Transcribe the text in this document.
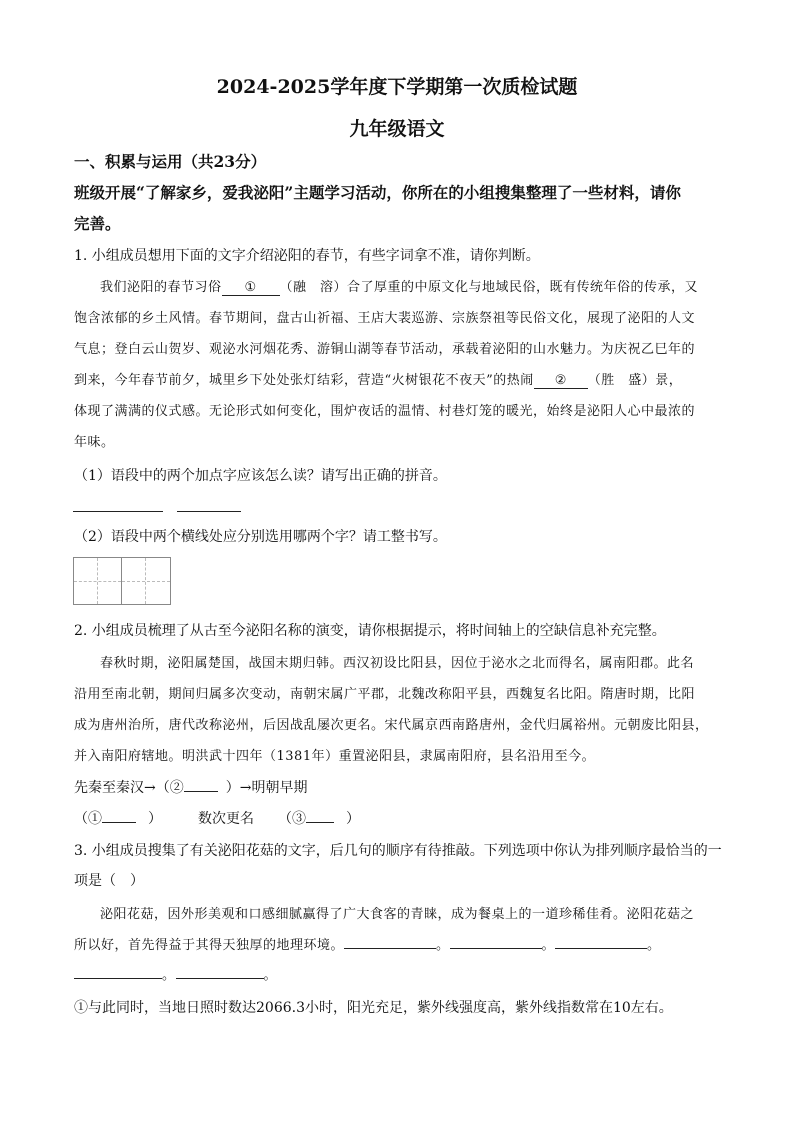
2024-2025学年度下学期第一次质检试题
九年级语文
一、积累与运用（共23分）
班级开展“了解家乡，爱我泌阳”主题学习活动，你所在的小组搜集整理了一些材料，请你
完善。
1. 小组成员想用下面的文字介绍泌阳的春节，有些字词拿不准，请你判断。
我们泌阳的春节习俗 ① （融　溶）合了厚重的中原文化与地域民俗，既有传统年俗的传承，又
饱含浓郁的乡土风情。春节期间，盘古山祈福、王店大裴巡游、宗族祭祖等民俗文化，展现了泌阳的人文
气息；登白云山贺岁、观泌水河烟花秀、游铜山湖等春节活动，承载着泌阳的山水魅力。为庆祝乙巳年的
到来，今年春节前夕，城里乡下处处张灯结彩，营造“火树银花不夜天”的热闹 ② （胜　盛）景，
体现了满满的仪式感。无论形式如何变化，围炉夜话的温情、村巷灯笼的暖光，始终是泌阳人心中最浓的
年味。
（1）语段中的两个加点字应该怎么读？请写出正确的拼音。
（2）语段中两个横线处应分别选用哪两个字？请工整书写。
2. 小组成员梳理了从古至今泌阳名称的演变，请你根据提示，将时间轴上的空缺信息补充完整。
春秋时期，泌阳属楚国，战国末期归韩。西汉初设比阳县，因位于泌水之北而得名，属南阳郡。此名
沿用至南北朝，期间归属多次变动，南朝宋属广平郡，北魏改称阳平县，西魏复名比阳。隋唐时期，比阳
成为唐州治所，唐代改称泌州，后因战乱屡次更名。宋代属京西南路唐州，金代归属裕州。元朝废比阳县，
并入南阳府辖地。明洪武十四年（1381年）重置泌阳县，隶属南阳府，县名沿用至今。
先秦至秦汉→（②	）→明朝早期
（①	）	数次更名 （③	）
3. 小组成员搜集了有关泌阳花菇的文字，后几句的顺序有待推敲。下列选项中你认为排列顺序最恰当的一
项是（　）
泌阳花菇，因外形美观和口感细腻赢得了广大食客的青睐，成为餐桌上的一道珍稀佳肴。泌阳花菇之
所以好，首先得益于其得天独厚的地理环境。	。	。	。
。	。
①与此同时，当地日照时数达2066.3小时，阳光充足，紫外线强度高，紫外线指数常在10左右。
